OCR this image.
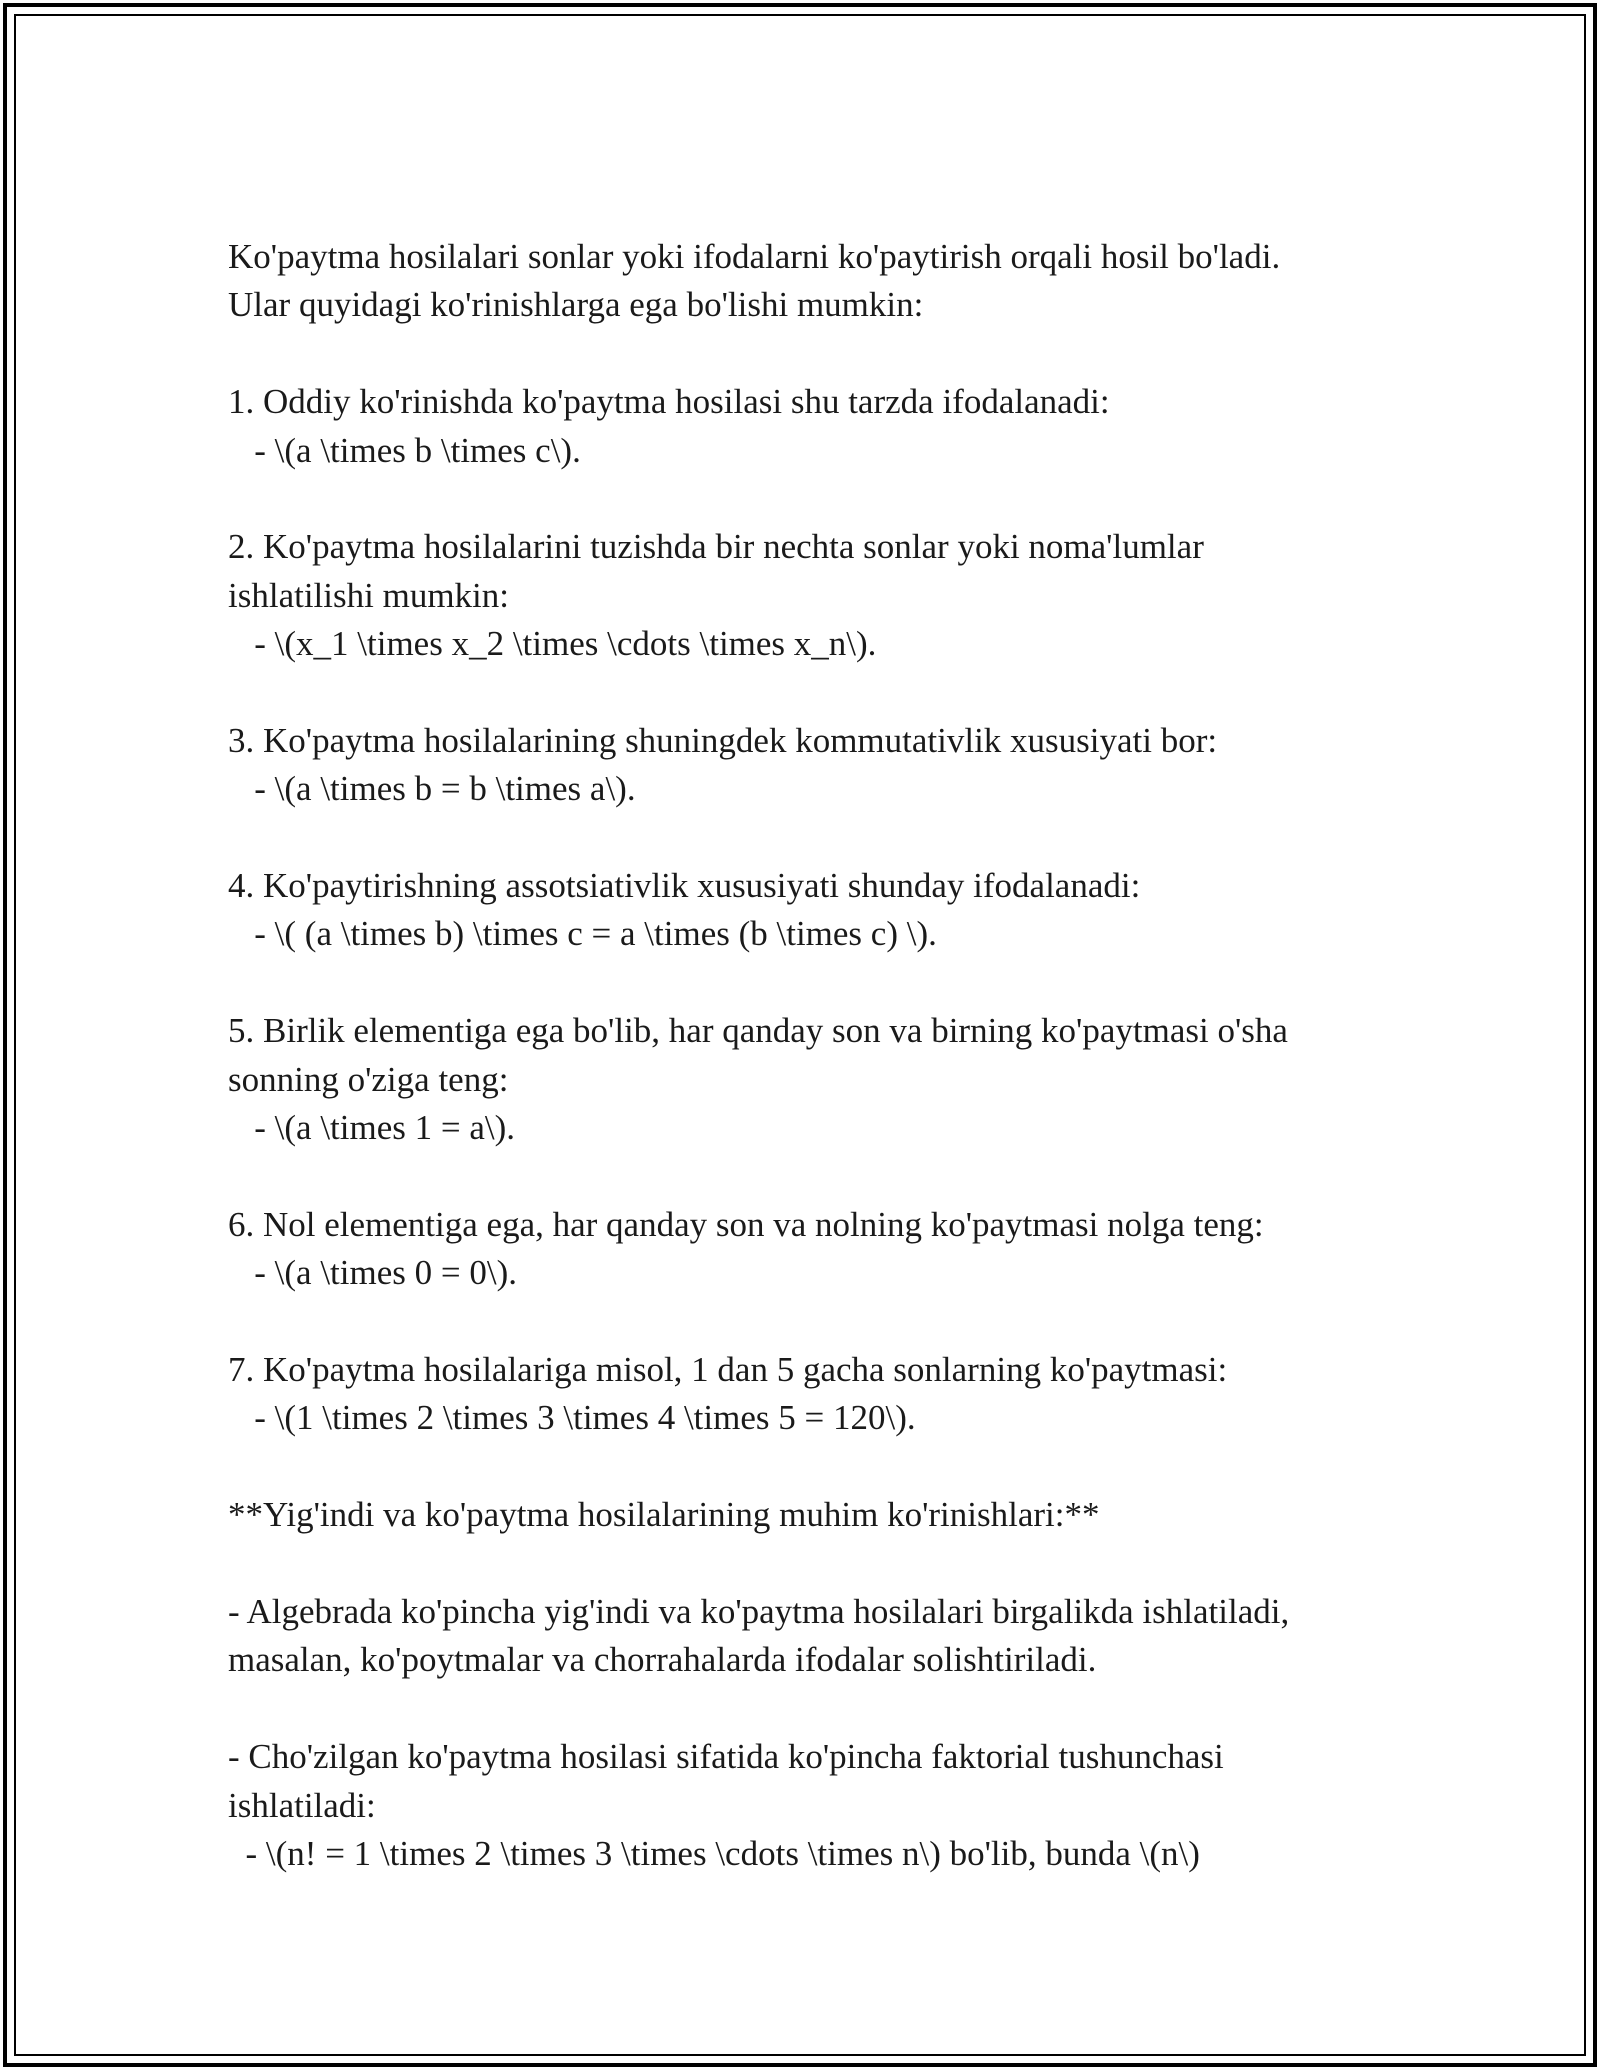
Ko'paytma hosilalari sonlar yoki ifodalarni ko'paytirish orqali hosil bo'ladi.
Ular quyidagi ko'rinishlarga ega bo'lishi mumkin:
1. Oddiy ko'rinishda ko'paytma hosilasi shu tarzda ifodalanadi:
- \(a \times b \times c\).
2. Ko'paytma hosilalarini tuzishda bir nechta sonlar yoki noma'lumlar
ishlatilishi mumkin:
- \(x_1 \times x_2 \times \cdots \times x_n\).
3. Ko'paytma hosilalarining shuningdek kommutativlik xususiyati bor:
- \(a \times b = b \times a\).
4. Ko'paytirishning assotsiativlik xususiyati shunday ifodalanadi:
- \( (a \times b) \times c = a \times (b \times c) \).
5. Birlik elementiga ega bo'lib, har qanday son va birning ko'paytmasi o'sha
sonning o'ziga teng:
- \(a \times 1 = a\).
6. Nol elementiga ega, har qanday son va nolning ko'paytmasi nolga teng:
- \(a \times 0 = 0\).
7. Ko'paytma hosilalariga misol, 1 dan 5 gacha sonlarning ko'paytmasi:
- \(1 \times 2 \times 3 \times 4 \times 5 = 120\).
**Yig'indi va ko'paytma hosilalarining muhim ko'rinishlari:**
- Algebrada ko'pincha yig'indi va ko'paytma hosilalari birgalikda ishlatiladi,
masalan, ko'poytmalar va chorrahalarda ifodalar solishtiriladi.
- Cho'zilgan ko'paytma hosilasi sifatida ko'pincha faktorial tushunchasi
ishlatiladi:
- \(n! = 1 \times 2 \times 3 \times \cdots \times n\) bo'lib, bunda \(n\)
